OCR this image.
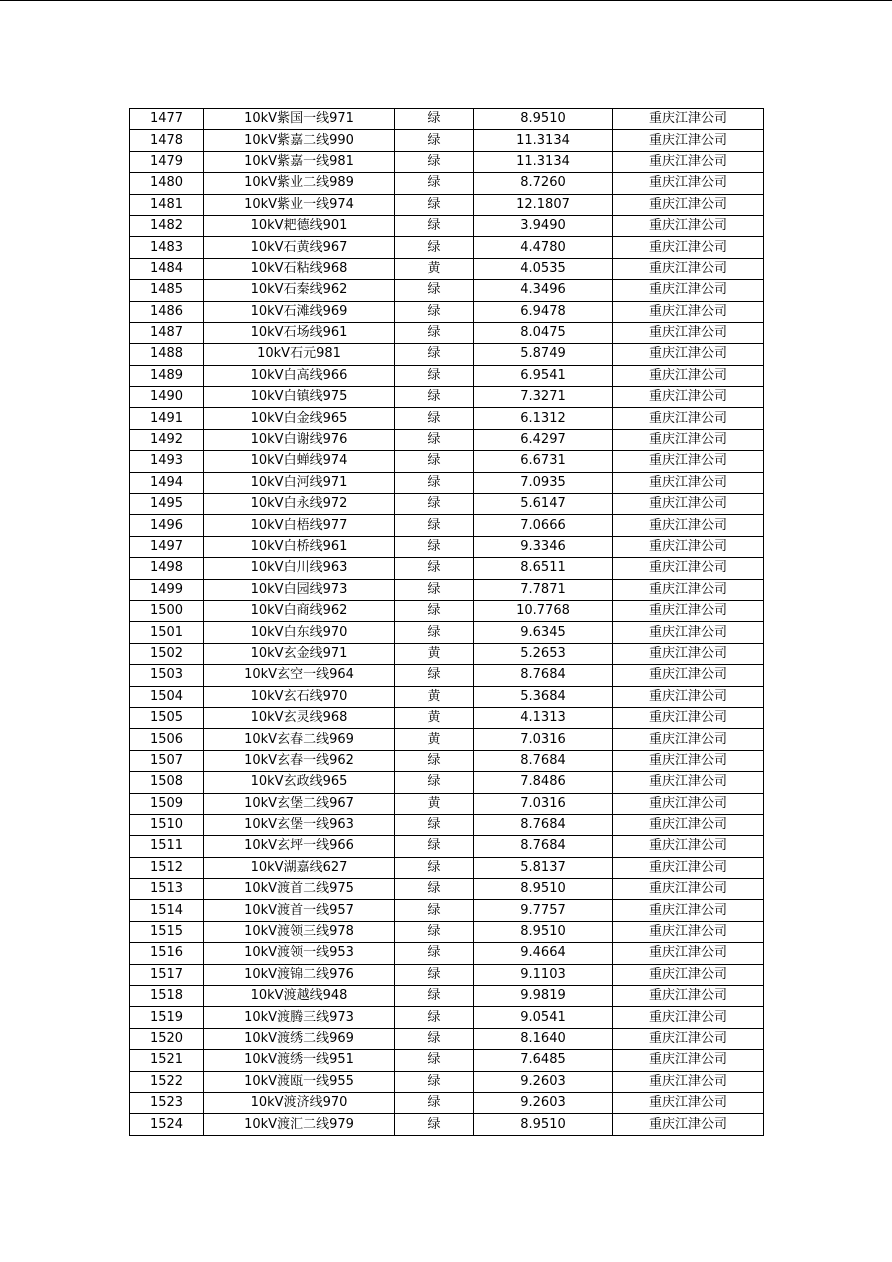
1477	10kV紫国一线971	绿	8.9510	重庆江津公司
1478	10kV紫嘉二线990	绿	11.3134	重庆江津公司
1479	10kV紫嘉一线981	绿	11.3134	重庆江津公司
1480	10kV紫业二线989	绿	8.7260	重庆江津公司
1481	10kV紫业一线974	绿	12.1807	重庆江津公司
1482	10kV耙德线901	绿	3.9490	重庆江津公司
1483	10kV石黄线967	绿	4.4780	重庆江津公司
1484	10kV石粘线968	黄	4.0535	重庆江津公司
1485	10kV石秦线962	绿	4.3496	重庆江津公司
1486	10kV石滩线969	绿	6.9478	重庆江津公司
1487	10kV石场线961	绿	8.0475	重庆江津公司
1488	10kV石元981	绿	5.8749	重庆江津公司
1489	10kV白高线966	绿	6.9541	重庆江津公司
1490	10kV白镇线975	绿	7.3271	重庆江津公司
1491	10kV白金线965	绿	6.1312	重庆江津公司
1492	10kV白谢线976	绿	6.4297	重庆江津公司
1493	10kV白蝉线974	绿	6.6731	重庆江津公司
1494	10kV白河线971	绿	7.0935	重庆江津公司
1495	10kV白永线972	绿	5.6147	重庆江津公司
1496	10kV白梧线977	绿	7.0666	重庆江津公司
1497	10kV白桥线961	绿	9.3346	重庆江津公司
1498	10kV白川线963	绿	8.6511	重庆江津公司
1499	10kV白园线973	绿	7.7871	重庆江津公司
1500	10kV白商线962	绿	10.7768	重庆江津公司
1501	10kV白东线970	绿	9.6345	重庆江津公司
1502	10kV玄金线971	黄	5.2653	重庆江津公司
1503	10kV玄空一线964	绿	8.7684	重庆江津公司
1504	10kV玄石线970	黄	5.3684	重庆江津公司
1505	10kV玄灵线968	黄	4.1313	重庆江津公司
1506	10kV玄春二线969	黄	7.0316	重庆江津公司
1507	10kV玄春一线962	绿	8.7684	重庆江津公司
1508	10kV玄政线965	绿	7.8486	重庆江津公司
1509	10kV玄堡二线967	黄	7.0316	重庆江津公司
1510	10kV玄堡一线963	绿	8.7684	重庆江津公司
1511	10kV玄坪一线966	绿	8.7684	重庆江津公司
1512	10kV湖嘉线627	绿	5.8137	重庆江津公司
1513	10kV渡首二线975	绿	8.9510	重庆江津公司
1514	10kV渡首一线957	绿	9.7757	重庆江津公司
1515	10kV渡领三线978	绿	8.9510	重庆江津公司
1516	10kV渡领一线953	绿	9.4664	重庆江津公司
1517	10kV渡锦二线976	绿	9.1103	重庆江津公司
1518	10kV渡越线948	绿	9.9819	重庆江津公司
1519	10kV渡腾三线973	绿	9.0541	重庆江津公司
1520	10kV渡绣二线969	绿	8.1640	重庆江津公司
1521	10kV渡绣一线951	绿	7.6485	重庆江津公司
1522	10kV渡瓯一线955	绿	9.2603	重庆江津公司
1523	10kV渡济线970	绿	9.2603	重庆江津公司
1524	10kV渡汇二线979	绿	8.9510	重庆江津公司
